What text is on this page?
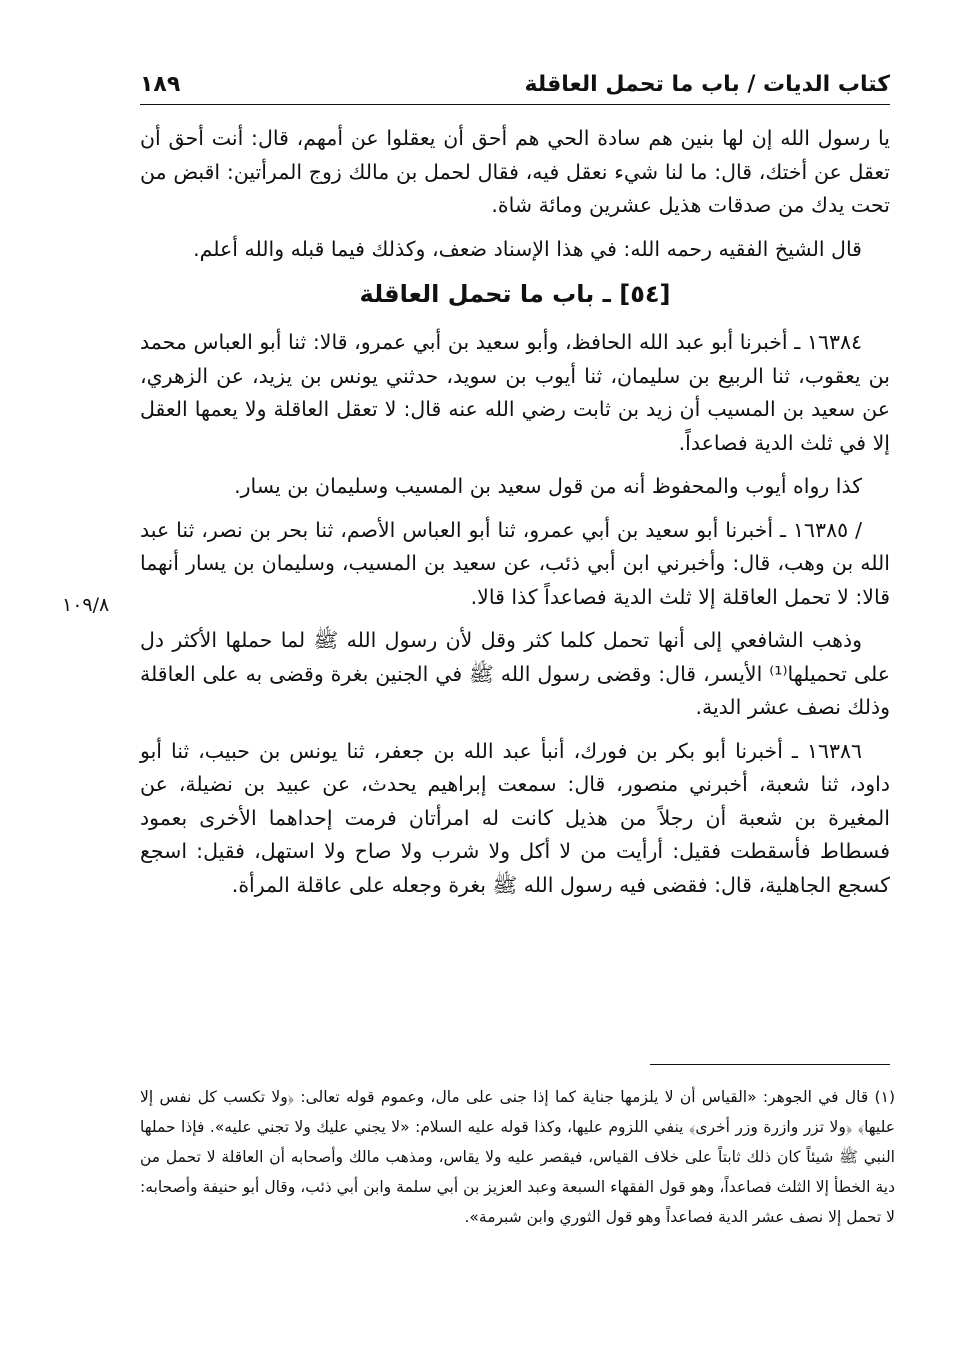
كتاب الديات / باب ما تحمل العاقلة
١٨٩
١٠٩/٨

يا رسول الله إن لها بنين هم سادة الحي هم أحق أن يعقلوا عن أمهم، قال: أنت أحق أن تعقل عن أختك، قال: ما لنا شيء نعقل فيه، فقال لحمل بن مالك زوج المرأتين: اقبض من تحت يدك من صدقات هذيل عشرين ومائة شاة.

قال الشيخ الفقيه رحمه الله: في هذا الإسناد ضعف، وكذلك فيما قبله والله أعلم.

[٥٤] ـ باب ما تحمل العاقلة

١٦٣٨٤ ـ أخبرنا أبو عبد الله الحافظ، وأبو سعيد بن أبي عمرو، قالا: ثنا أبو العباس محمد بن يعقوب، ثنا الربيع بن سليمان، ثنا أيوب بن سويد، حدثني يونس بن يزيد، عن الزهري، عن سعيد بن المسيب أن زيد بن ثابت رضي الله عنه قال: لا تعقل العاقلة ولا يعمها العقل إلا في ثلث الدية فصاعداً.

كذا رواه أيوب والمحفوظ أنه من قول سعيد بن المسيب وسليمان بن يسار.

/ ١٦٣٨٥ ـ أخبرنا أبو سعيد بن أبي عمرو، ثنا أبو العباس الأصم، ثنا بحر بن نصر، ثنا عبد الله بن وهب، قال: وأخبرني ابن أبي ذئب، عن سعيد بن المسيب، وسليمان بن يسار أنهما قالا: لا تحمل العاقلة إلا ثلث الدية فصاعداً كذا قالا.

وذهب الشافعي إلى أنها تحمل كلما كثر وقل لأن رسول الله ﷺ لما حملها الأكثر دل على تحميلها⁽¹⁾ الأيسر، قال: وقضى رسول الله ﷺ في الجنين بغرة وقضى به على العاقلة وذلك نصف عشر الدية.

١٦٣٨٦ ـ أخبرنا أبو بكر بن فورك، أنبأ عبد الله بن جعفر، ثنا يونس بن حبيب، ثنا أبو داود، ثنا شعبة، أخبرني منصور، قال: سمعت إبراهيم يحدث، عن عبيد بن نضيلة، عن المغيرة بن شعبة أن رجلاً من هذيل كانت له امرأتان فرمت إحداهما الأخرى بعمود فسطاط فأسقطت فقيل: أرأيت من لا أكل ولا شرب ولا صاح ولا استهل، فقيل: اسجع كسجع الجاهلية، قال: فقضى فيه رسول الله ﷺ بغرة وجعله على عاقلة المرأة.

(١) قال في الجوهر: «القياس أن لا يلزمها جناية كما إذا جنى على مال، وعموم قوله تعالى: ﴿ولا تكسب كل نفس إلا عليها﴾ ﴿ولا تزر وازرة وزر أخرى﴾ ينفي اللزوم عليها، وكذا قوله عليه السلام: «لا يجني عليك ولا تجني عليه». فإذا حملها النبي ﷺ شيئاً كان ذلك ثابتاً على خلاف القياس، فيقصر عليه ولا يقاس، ومذهب مالك وأصحابه أن العاقلة لا تحمل من دية الخطأ إلا الثلث فصاعداً، وهو قول الفقهاء السبعة وعبد العزيز بن أبي سلمة وابن أبي ذئب، وقال أبو حنيفة وأصحابه: لا تحمل إلا نصف عشر الدية فصاعداً وهو قول الثوري وابن شبرمة».
